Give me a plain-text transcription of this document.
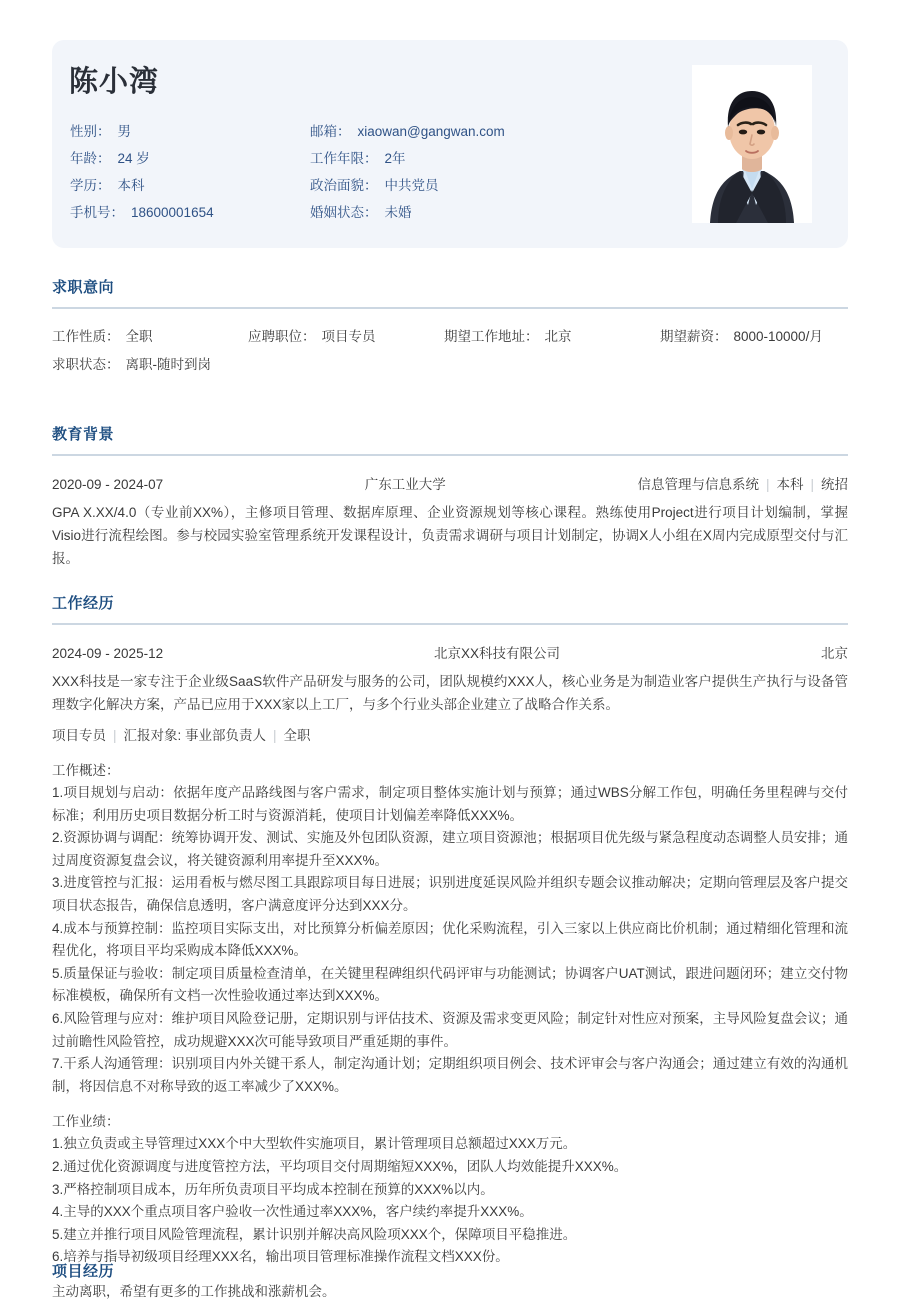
陈小湾
性别： 男	邮箱： xiaowan@gangwan.com
年龄： 24 岁	工作年限： 2年
学历： 本科	政治面貌： 中共党员
手机号： 18600001654	婚姻状态： 未婚
求职意向
工作性质： 全职	应聘职位： 项目专员	期望工作地址： 北京	期望薪资： 8000-10000/月
求职状态： 离职-随时到岗
教育背景
2020-09 - 2024-07	广东工业大学	信息管理与信息系统 | 本科 | 统招
GPA X.XX/4.0（专业前XX%），主修项目管理、数据库原理、企业资源规划等核心课程。熟练使用Project进行项目计划编制，掌握Visio进行流程绘图。参与校园实验室管理系统开发课程设计，负责需求调研与项目计划制定，协调X人小组在X周内完成原型交付与汇报。
工作经历
2024-09 - 2025-12	北京XX科技有限公司	北京
XXX科技是一家专注于企业级SaaS软件产品研发与服务的公司，团队规模约XXX人，核心业务是为制造业客户提供生产执行与设备管理数字化解决方案，产品已应用于XXX家以上工厂，与多个行业头部企业建立了战略合作关系。
项目专员 | 汇报对象: 事业部负责人 | 全职
工作概述：
1.项目规划与启动：依据年度产品路线图与客户需求，制定项目整体实施计划与预算；通过WBS分解工作包，明确任务里程碑与交付标准；利用历史项目数据分析工时与资源消耗，使项目计划偏差率降低XXX%。
2.资源协调与调配：统筹协调开发、测试、实施及外包团队资源，建立项目资源池；根据项目优先级与紧急程度动态调整人员安排；通过周度资源复盘会议，将关键资源利用率提升至XXX%。
3.进度管控与汇报：运用看板与燃尽图工具跟踪项目每日进展；识别进度延误风险并组织专题会议推动解决；定期向管理层及客户提交项目状态报告，确保信息透明，客户满意度评分达到XXX分。
4.成本与预算控制：监控项目实际支出，对比预算分析偏差原因；优化采购流程，引入三家以上供应商比价机制；通过精细化管理和流程优化，将项目平均采购成本降低XXX%。
5.质量保证与验收：制定项目质量检查清单，在关键里程碑组织代码评审与功能测试；协调客户UAT测试，跟进问题闭环；建立交付物标准模板，确保所有文档一次性验收通过率达到XXX%。
6.风险管理与应对：维护项目风险登记册，定期识别与评估技术、资源及需求变更风险；制定针对性应对预案，主导风险复盘会议；通过前瞻性风险管控，成功规避XXX次可能导致项目严重延期的事件。
7.干系人沟通管理：识别项目内外关键干系人，制定沟通计划；定期组织项目例会、技术评审会与客户沟通会；通过建立有效的沟通机制，将因信息不对称导致的返工率减少了XXX%。
工作业绩：
1.独立负责或主导管理过XXX个中大型软件实施项目，累计管理项目总额超过XXX万元。
2.通过优化资源调度与进度管控方法，平均项目交付周期缩短XXX%，团队人均效能提升XXX%。
3.严格控制项目成本，历年所负责项目平均成本控制在预算的XXX%以内。
4.主导的XXX个重点项目客户验收一次性通过率XXX%，客户续约率提升XXX%。
5.建立并推行项目风险管理流程，累计识别并解决高风险项XXX个，保障项目平稳推进。
6.培养与指导初级项目经理XXX名，输出项目管理标准操作流程文档XXX份。
主动离职，希望有更多的工作挑战和涨薪机会。
项目经历
